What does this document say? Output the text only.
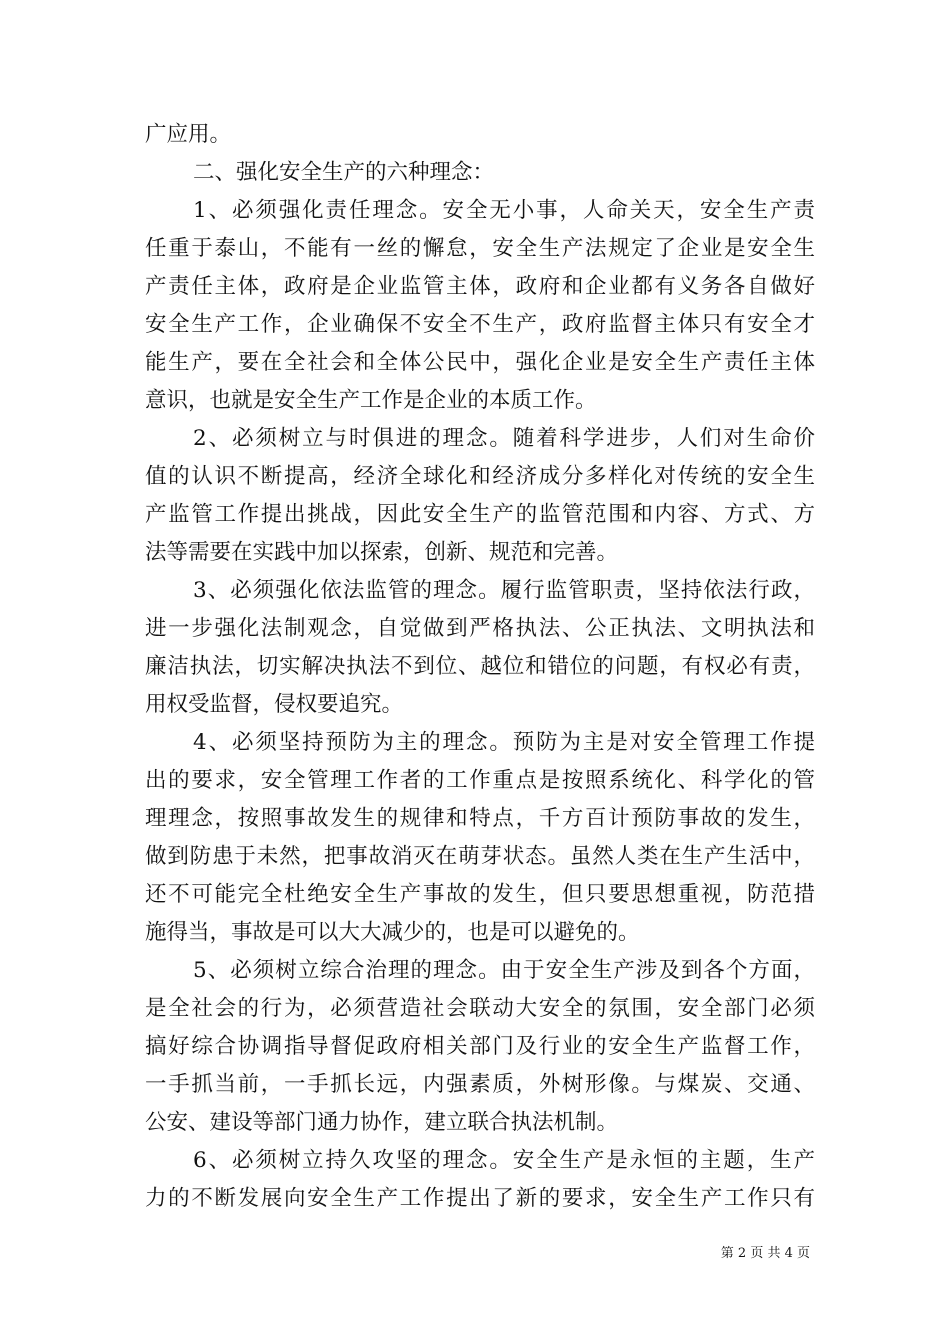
广应用。

二、强化安全生产的六种理念：

1、必须强化责任理念。安全无小事，人命关天，安全生产责

任重于泰山，不能有一丝的懈怠，安全生产法规定了企业是安全生

产责任主体，政府是企业监管主体，政府和企业都有义务各自做好

安全生产工作，企业确保不安全不生产，政府监督主体只有安全才

能生产，要在全社会和全体公民中，强化企业是安全生产责任主体

意识，也就是安全生产工作是企业的本质工作。

2、必须树立与时俱进的理念。随着科学进步，人们对生命价

值的认识不断提高，经济全球化和经济成分多样化对传统的安全生

产监管工作提出挑战，因此安全生产的监管范围和内容、方式、方

法等需要在实践中加以探索，创新、规范和完善。

3、必须强化依法监管的理念。履行监管职责，坚持依法行政，

进一步强化法制观念，自觉做到严格执法、公正执法、文明执法和

廉洁执法，切实解决执法不到位、越位和错位的问题，有权必有责，

用权受监督，侵权要追究。

4、必须坚持预防为主的理念。预防为主是对安全管理工作提

出的要求，安全管理工作者的工作重点是按照系统化、科学化的管

理理念，按照事故发生的规律和特点，千方百计预防事故的发生，

做到防患于未然，把事故消灭在萌芽状态。虽然人类在生产生活中，

还不可能完全杜绝安全生产事故的发生，但只要思想重视，防范措

施得当，事故是可以大大减少的，也是可以避免的。

5、必须树立综合治理的理念。由于安全生产涉及到各个方面，

是全社会的行为，必须营造社会联动大安全的氛围，安全部门必须

搞好综合协调指导督促政府相关部门及行业的安全生产监督工作，

一手抓当前，一手抓长远，内强素质，外树形像。与煤炭、交通、

公安、建设等部门通力协作，建立联合执法机制。

6、必须树立持久攻坚的理念。安全生产是永恒的主题，生产

力的不断发展向安全生产工作提出了新的要求，安全生产工作只有

第 2 页 共 4 页
